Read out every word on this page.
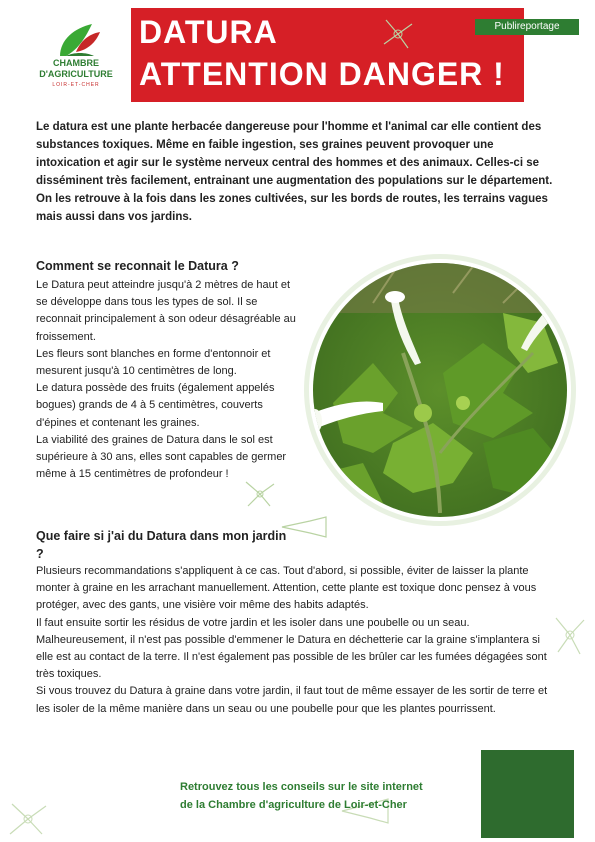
CHAMBRE
D'AGRICULTURE
LOIR-ET-CHER
DATURA
ATTENTION DANGER !
Publireportage

Le datura est une plante herbacée dangereuse pour l'homme et l'animal car elle contient des substances toxiques. Même en faible ingestion, ses graines peuvent provoquer une intoxication et agir sur le système nerveux central des hommes et des animaux. Celles-ci se disséminent très facilement, entrainant une augmentation des populations sur le département. On les retrouve à la fois dans les zones cultivées, sur les bords de routes, les terrains vagues mais aussi dans vos jardins.

Comment se reconnait le Datura ?
Le Datura peut atteindre jusqu'à 2 mètres de haut et se développe dans tous les types de sol. Il se reconnait principalement à son odeur désagréable au froissement.
Les fleurs sont blanches en forme d'entonnoir et mesurent jusqu'à 10 centimètres de long.
Le datura possède des fruits (également appelés bogues) grands de 4 à 5 centimètres, couverts d'épines et contenant les graines.
La viabilité des graines de Datura dans le sol est supérieure à 30 ans, elles sont capables de germer même à 15 centimètres de profondeur !
Que faire si j'ai du Datura dans mon jardin ?
Plusieurs recommandations s'appliquent à ce cas. Tout d'abord, si possible, éviter de laisser la plante monter à graine en les arrachant manuellement. Attention, cette plante est toxique donc pensez à vous protéger, avec des gants, une visière voir même des habits adaptés.
Il faut ensuite sortir les résidus de votre jardin et les isoler dans une poubelle ou un seau. Malheureusement, il n'est pas possible d'emmener le Datura en déchetterie car la graine s'implantera si elle est au contact de la terre. Il n'est également pas possible de les brûler car les fumées dégagées sont très toxiques.
Si vous trouvez du Datura à graine dans votre jardin, il faut tout de même essayer de les sortir de terre et les isoler de la même manière dans un seau ou une poubelle pour que les plantes pourrissent.

Retrouvez tous les conseils sur le site internet
de la Chambre d'agriculture de Loir-et-Cher
